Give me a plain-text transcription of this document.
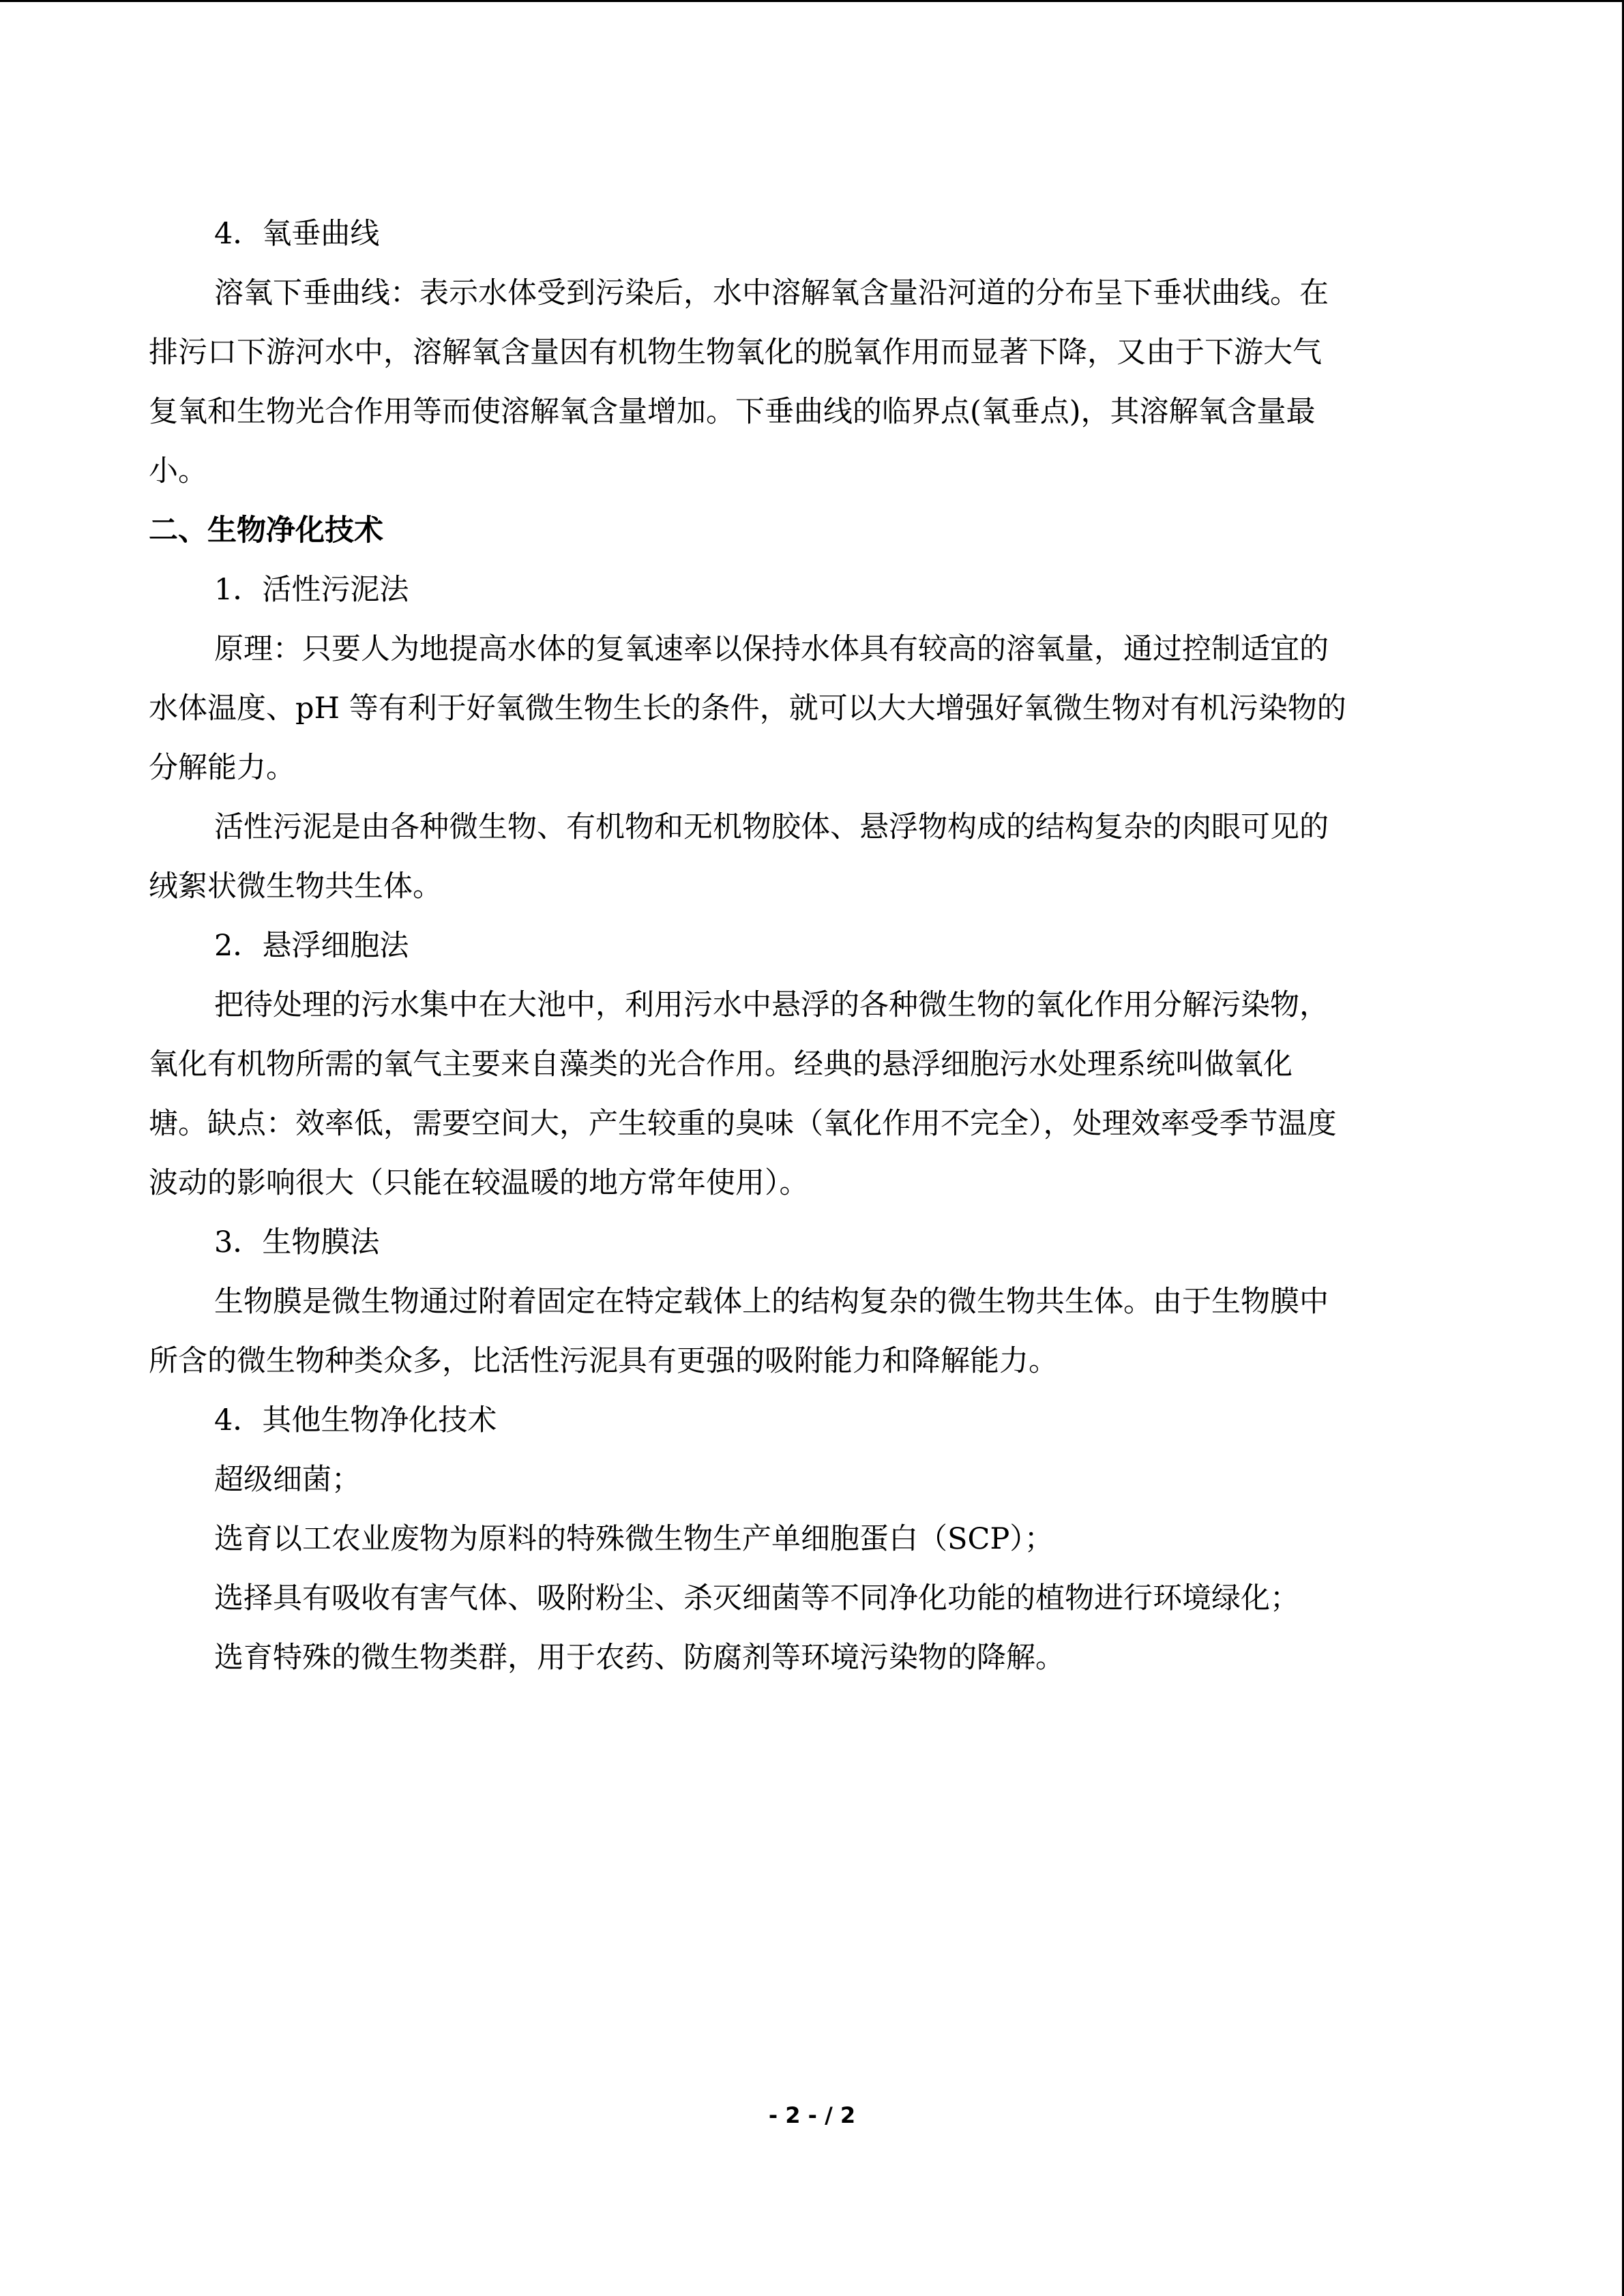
4．氧垂曲线
溶氧下垂曲线：表示水体受到污染后，水中溶解氧含量沿河道的分布呈下垂状曲线。在
排污口下游河水中，溶解氧含量因有机物生物氧化的脱氧作用而显著下降，又由于下游大气
复氧和生物光合作用等而使溶解氧含量增加。下垂曲线的临界点(氧垂点)，其溶解氧含量最
小。
二、生物净化技术
1．活性污泥法
原理：只要人为地提高水体的复氧速率以保持水体具有较高的溶氧量，通过控制适宜的
水体温度、pH 等有利于好氧微生物生长的条件，就可以大大增强好氧微生物对有机污染物的
分解能力。
活性污泥是由各种微生物、有机物和无机物胶体、悬浮物构成的结构复杂的肉眼可见的
绒絮状微生物共生体。
2．悬浮细胞法
把待处理的污水集中在大池中，利用污水中悬浮的各种微生物的氧化作用分解污染物，
氧化有机物所需的氧气主要来自藻类的光合作用。经典的悬浮细胞污水处理系统叫做氧化
塘。缺点：效率低，需要空间大，产生较重的臭味（氧化作用不完全），处理效率受季节温度
波动的影响很大（只能在较温暖的地方常年使用）。
3．生物膜法
生物膜是微生物通过附着固定在特定载体上的结构复杂的微生物共生体。由于生物膜中
所含的微生物种类众多，比活性污泥具有更强的吸附能力和降解能力。
4．其他生物净化技术
超级细菌；
选育以工农业废物为原料的特殊微生物生产单细胞蛋白（SCP）；
选择具有吸收有害气体、吸附粉尘、杀灭细菌等不同净化功能的植物进行环境绿化；
选育特殊的微生物类群，用于农药、防腐剂等环境污染物的降解。
- 2 - / 2
